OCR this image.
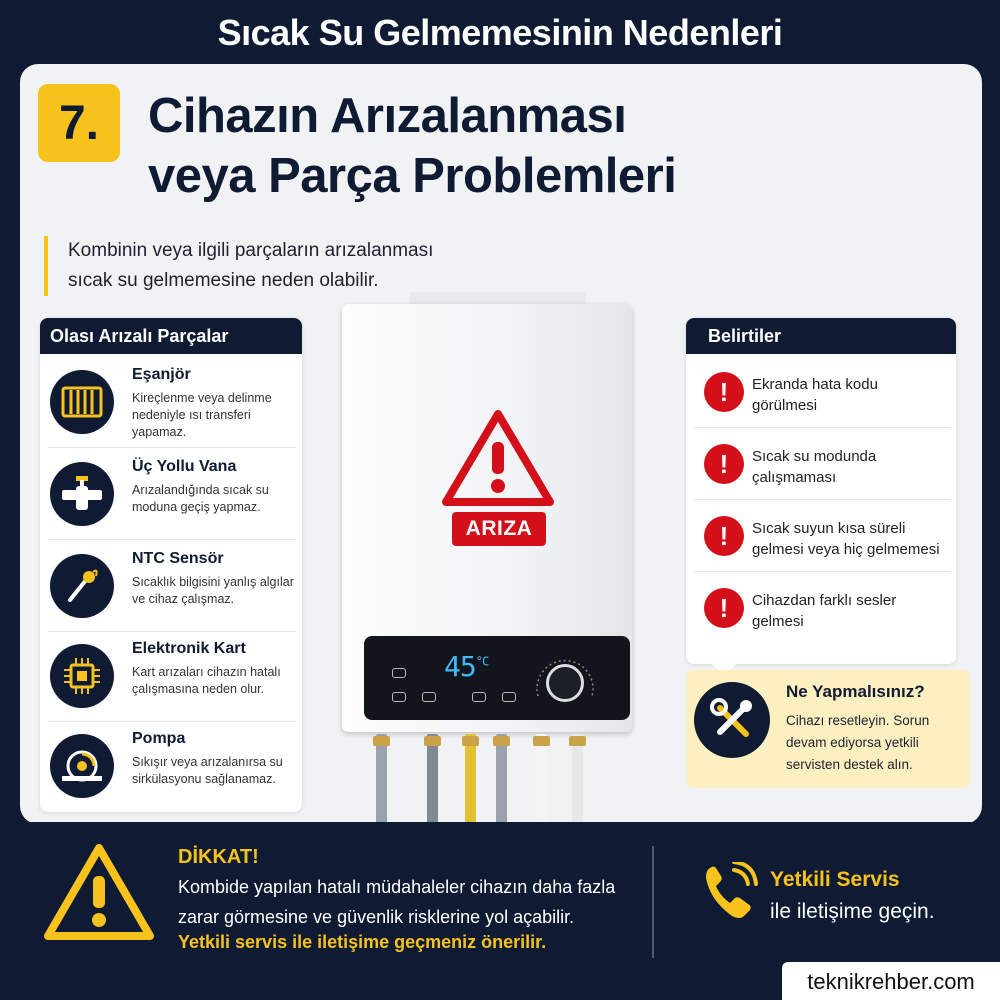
Sıcak Su Gelmemesinin Nedenleri
7. Cihazın Arızalanması
veya Parça Problemleri
Kombinin veya ilgili parçaların arızalanması
sıcak su gelmemesine neden olabilir.
Olası Arızalı Parçalar
Eşanjör
Kireçlenme veya delinme nedeniyle ısı transferi yapamaz.
Üç Yollu Vana
Arızalandığında sıcak su moduna geçiş yapmaz.
NTC Sensör
Sıcaklık bilgisini yanlış algılar ve cihaz çalışmaz.
Elektronik Kart
Kart arızaları cihazın hatalı çalışmasına neden olur.
Pompa
Sıkışır veya arızalanırsa su sirkülasyonu sağlanamaz.
ARIZA
$45^{^\circ C}$
Belirtiler
!	Ekranda hata kodu görülmesi
!	Sıcak su modunda çalışmaması
!	Sıcak suyun kısa süreli gelmesi veya hiç gelmemesi
!	Cihazdan farklı sesler gelmesi
Ne Yapmalısınız?
Cihazı resetleyin. Sorun devam ediyorsa yetkili servisten destek alın.
DİKKAT!
Kombide yapılan hatalı müdahaleler cihazın daha fazla zarar görmesine ve güvenlik risklerine yol açabilir.
Yetkili servis ile iletişime geçmeniz önerilir.
Yetkili Servis
ile iletişime geçin.
teknikrehber.com
